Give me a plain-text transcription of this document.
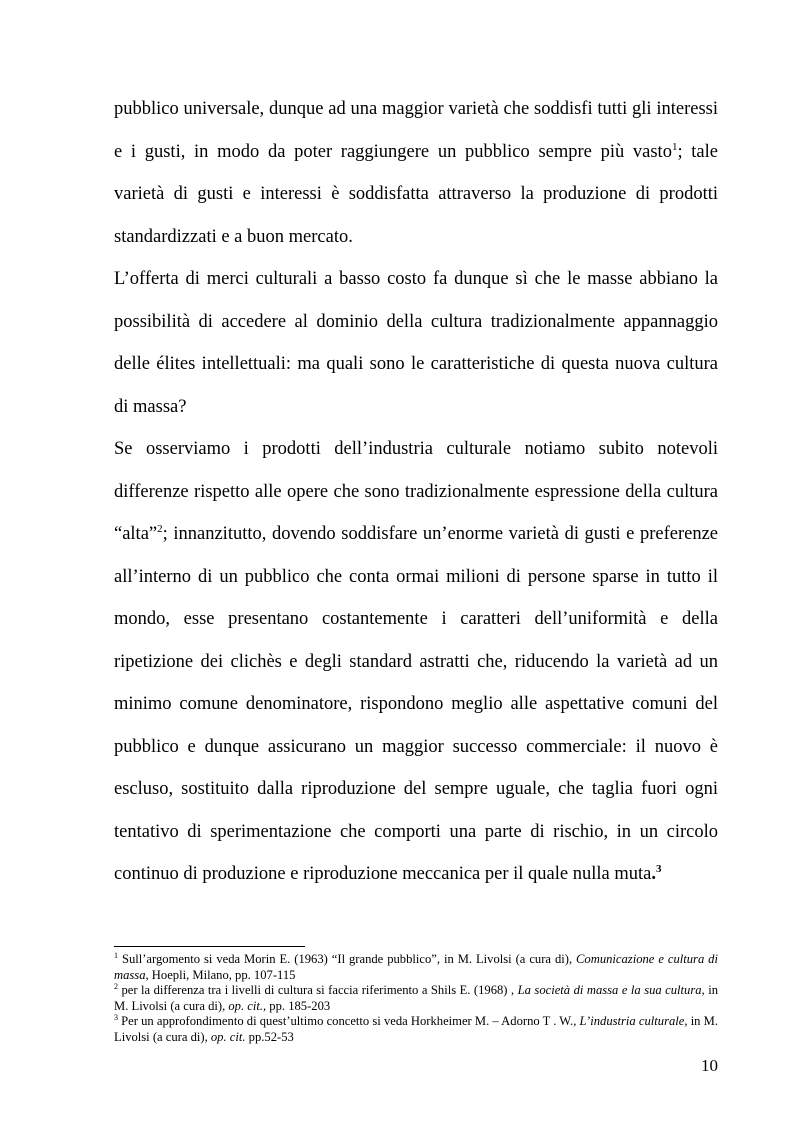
pubblico universale, dunque ad una maggior varietà che soddisfi tutti gli interessi e i gusti, in modo da poter raggiungere un pubblico sempre più vasto$^1$; tale varietà di gusti e interessi è soddisfatta attraverso la produzione di prodotti standardizzati e a buon mercato.

L’offerta di merci culturali a basso costo fa dunque sì che le masse abbiano la possibilità di accedere al dominio della cultura tradizionalmente appannaggio delle élites intellettuali: ma quali sono le caratteristiche di questa nuova cultura di massa?

Se osserviamo i prodotti dell’industria culturale notiamo subito notevoli differenze rispetto alle opere che sono tradizionalmente espressione della cultura “alta”$^2$; innanzitutto, dovendo soddisfare un’enorme varietà di gusti e preferenze all’interno di un pubblico che conta ormai milioni di persone sparse in tutto il mondo, esse presentano costantemente i caratteri dell’uniformità e della ripetizione dei clichès e degli standard astratti che, riducendo la varietà ad un minimo comune denominatore, rispondono meglio alle aspettative comuni del pubblico e dunque assicurano un maggior successo commerciale: il nuovo è escluso, sostituito dalla riproduzione del sempre uguale, che taglia fuori ogni tentativo di sperimentazione che comporti una parte di rischio, in un circolo continuo di produzione e riproduzione meccanica per il quale nulla muta.$^3$

$^1$ Sull’argomento si veda Morin E. (1963) “Il grande pubblico”, in M. Livolsi (a cura di), Comunicazione e cultura di massa, Hoepli, Milano, pp. 107-115

$^2$ per la differenza tra i livelli di cultura si faccia riferimento a Shils E. (1968) , La società di massa e la sua cultura, in M. Livolsi (a cura di), op. cit., pp. 185-203

$^3$ Per un approfondimento di quest’ultimo concetto si veda Horkheimer M. – Adorno T . W., L’industria culturale, in M. Livolsi (a cura di), op. cit. pp.52-53

10
